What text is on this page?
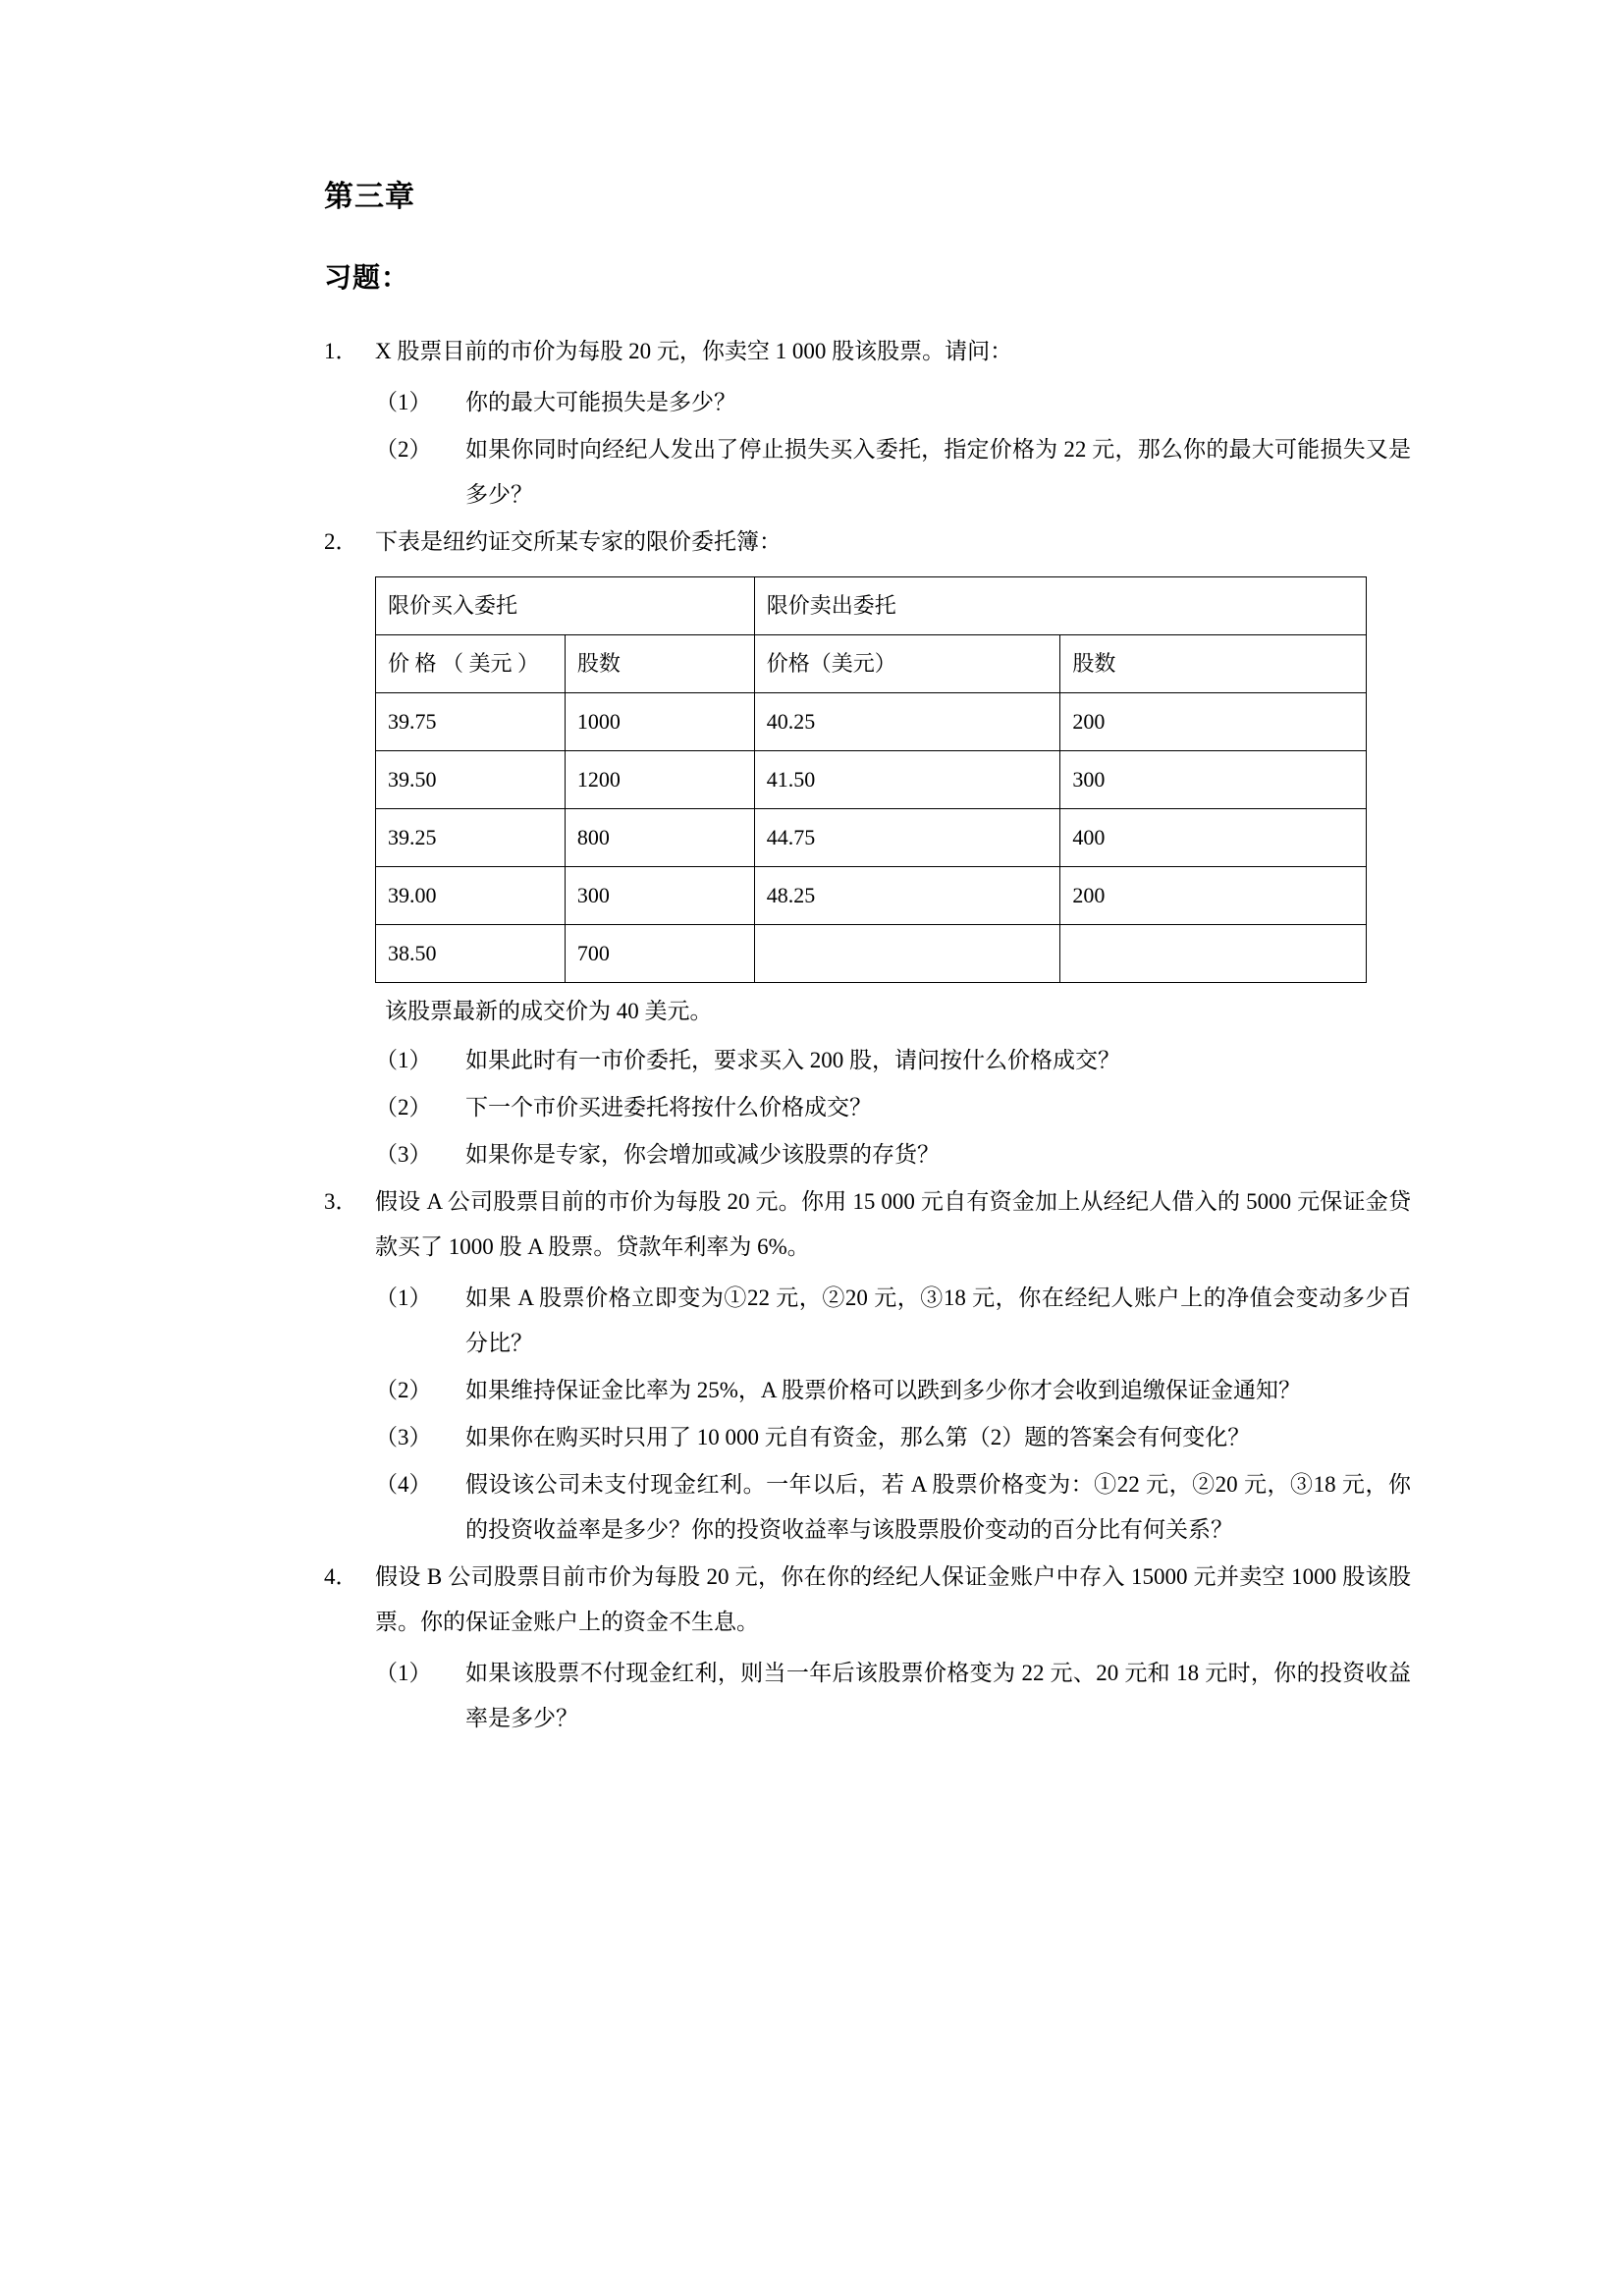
第三章
习题：
1． X 股票目前的市价为每股 20 元，你卖空 1 000 股该股票。请问：
（1）	你的最大可能损失是多少？
（2）	如果你同时向经纪人发出了停止损失买入委托，指定价格为 22 元，那么你的最大可能损失又是多少？
2． 下表是纽约证交所某专家的限价委托簿：
限价买入委托		限价卖出委托	
价 格 （ 美元 ）	股数	价格（美元）	股数
39.75	1000	40.25	200
39.50	1200	41.50	300
39.25	800	44.75	400
39.00	300	48.25	200
38.50	700		
该股票最新的成交价为 40 美元。
（1）	如果此时有一市价委托，要求买入 200 股，请问按什么价格成交？
（2）	下一个市价买进委托将按什么价格成交？
（3）	如果你是专家，你会增加或减少该股票的存货？
3． 假设 A 公司股票目前的市价为每股 20 元。你用 15 000 元自有资金加上从经纪人借入的 5000 元保证金贷款买了 1000 股 A 股票。贷款年利率为 6%。
（1）	如果 A 股票价格立即变为①22 元，②20 元，③18 元，你在经纪人账户上的净值会变动多少百分比？
（2）	如果维持保证金比率为 25%，A 股票价格可以跌到多少你才会收到追缴保证金通知？
（3）	如果你在购买时只用了 10 000 元自有资金，那么第（2）题的答案会有何变化？
（4）	假设该公司未支付现金红利。一年以后，若 A 股票价格变为：①22 元，②20 元，③18 元，你的投资收益率是多少？你的投资收益率与该股票股价变动的百分比有何关系？
4． 假设 B 公司股票目前市价为每股 20 元，你在你的经纪人保证金账户中存入 15000 元并卖空 1000 股该股票。你的保证金账户上的资金不生息。
（1）	如果该股票不付现金红利，则当一年后该股票价格变为 22 元、20 元和 18 元时，你的投资收益率是多少？
